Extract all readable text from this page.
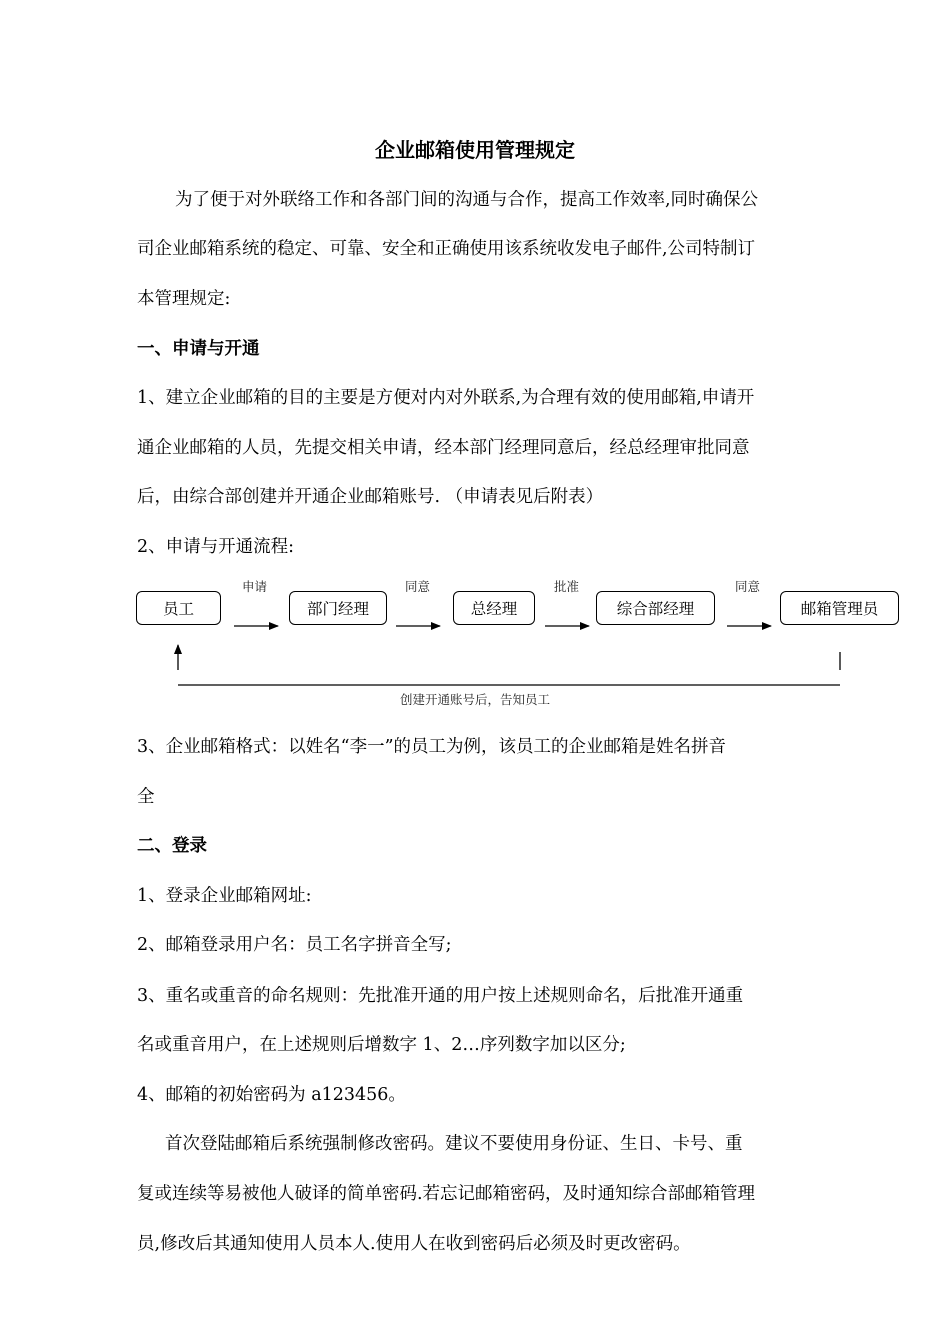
企业邮箱使用管理规定
为了便于对外联络工作和各部门间的沟通与合作，提高工作效率,同时确保公
司企业邮箱系统的稳定、可靠、安全和正确使用该系统收发电子邮件,公司特制订
本管理规定:
一、申请与开通
1、建立企业邮箱的目的主要是方便对内对外联系,为合理有效的使用邮箱,申请开
通企业邮箱的人员，先提交相关申请，经本部门经理同意后，经总经理审批同意
后，由综合部创建并开通企业邮箱账号. （申请表见后附表）
2、申请与开通流程:
员工	部门经理	总经理	综合部经理	邮箱管理员
申请	同意	批准	同意
创建开通账号后，告知员工
3、企业邮箱格式：以姓名“李一”的员工为例，该员工的企业邮箱是姓名拼音
全
二、登录
1、登录企业邮箱网址:
2、邮箱登录用户名：员工名字拼音全写;
3、重名或重音的命名规则：先批准开通的用户按上述规则命名，后批准开通重
名或重音用户，在上述规则后增数字 1、2…序列数字加以区分;
4、邮箱的初始密码为 a123456。
首次登陆邮箱后系统强制修改密码。建议不要使用身份证、生日、卡号、重
复或连续等易被他人破译的简单密码.若忘记邮箱密码，及时通知综合部邮箱管理
员,修改后其通知使用人员本人.使用人在收到密码后必须及时更改密码。
